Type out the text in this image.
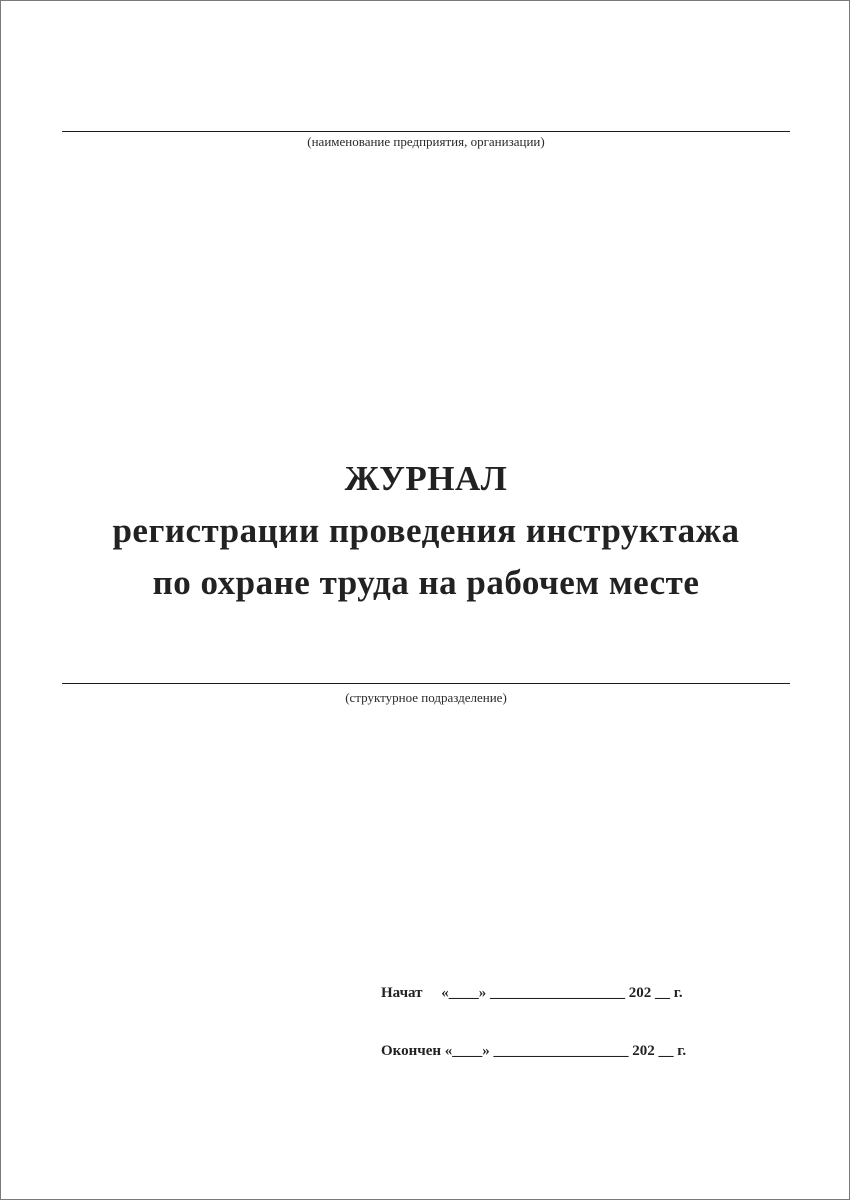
(наименование предприятия, организации)
ЖУРНАЛ
регистрации проведения инструктажа
по охране труда на рабочем месте
(структурное подразделение)
Начат     «____» __________________ 202 __ г.
Окончен «____» __________________ 202 __ г.
